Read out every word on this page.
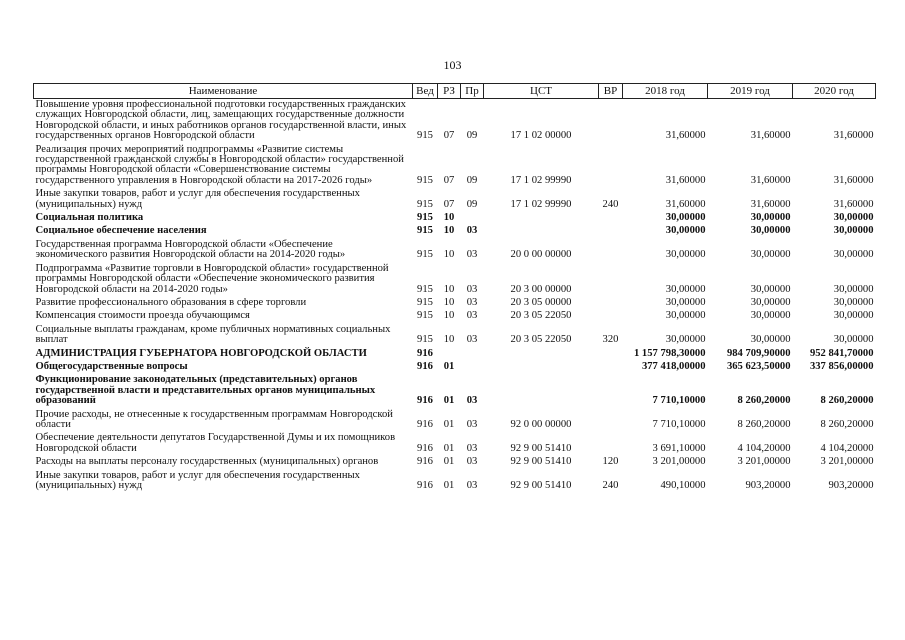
103
Наименование	Вед	РЗ	Пр	ЦСТ	ВР	2018 год	2019 год	2020 год
Повышение уровня профессиональной подготовки государственных гражданских служащих Новгородской области, лиц, замещающих государственные должности Новгородской области, и иных работников органов государственной власти, иных государственных органов Новгородской области	915	07	09	17 1 02 00000		31,60000	31,60000	31,60000
Реализация прочих мероприятий подпрограммы «Развитие системы государственной гражданской службы в Новгородской области» государственной программы Новгородской области «Совершенствование системы государственного управления в Новгородской области на 2017-2026 годы»	915	07	09	17 1 02 99990		31,60000	31,60000	31,60000
Иные закупки товаров, работ и услуг для обеспечения государственных (муниципальных) нужд	915	07	09	17 1 02 99990	240	31,60000	31,60000	31,60000
Социальная политика	915	10				30,00000	30,00000	30,00000
Социальное обеспечение населения	915	10	03			30,00000	30,00000	30,00000
Государственная программа Новгородской области «Обеспечение экономического развития Новгородской области на 2014-2020 годы»	915	10	03	20 0 00 00000		30,00000	30,00000	30,00000
Подпрограмма «Развитие торговли в Новгородской области» государственной программы Новгородской области «Обеспечение экономического развития Новгородской области на 2014-2020 годы»	915	10	03	20 3 00 00000		30,00000	30,00000	30,00000
Развитие профессионального образования в сфере торговли	915	10	03	20 3 05 00000		30,00000	30,00000	30,00000
Компенсация стоимости проезда обучающимся	915	10	03	20 3 05 22050		30,00000	30,00000	30,00000
Социальные выплаты гражданам, кроме публичных нормативных социальных выплат	915	10	03	20 3 05 22050	320	30,00000	30,00000	30,00000
АДМИНИСТРАЦИЯ ГУБЕРНАТОРА НОВГОРОДСКОЙ ОБЛАСТИ	916					1 157 798,30000	984 709,90000	952 841,70000
Общегосударственные вопросы	916	01				377 418,00000	365 623,50000	337 856,00000
Функционирование законодательных (представительных) органов государственной власти и представительных органов муниципальных образований	916	01	03			7 710,10000	8 260,20000	8 260,20000
Прочие расходы, не отнесенные к государственным программам Новгородской области	916	01	03	92 0 00 00000		7 710,10000	8 260,20000	8 260,20000
Обеспечение деятельности депутатов Государственной Думы и их помощников Новгородской области	916	01	03	92 9 00 51410		3 691,10000	4 104,20000	4 104,20000
Расходы на выплаты персоналу государственных (муниципальных) органов	916	01	03	92 9 00 51410	120	3 201,00000	3 201,00000	3 201,00000
Иные закупки товаров, работ и услуг для обеспечения государственных (муниципальных) нужд	916	01	03	92 9 00 51410	240	490,10000	903,20000	903,20000
